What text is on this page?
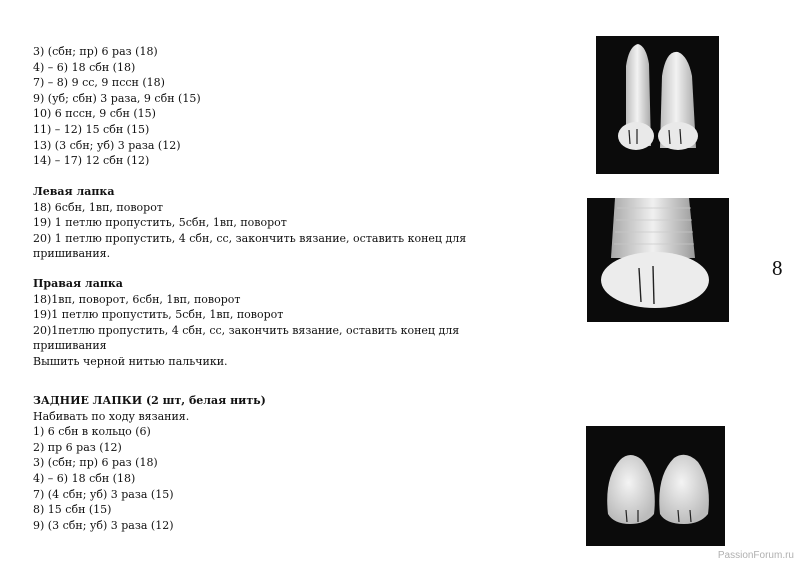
3) (сбн; пр) 6 раз (18)
4) – 6) 18 сбн (18)
7) – 8) 9 сс, 9 пссн (18)
9) (уб; сбн) 3 раза, 9 сбн (15)
10) 6 пссн, 9 сбн (15)
11) – 12) 15 сбн (15)
13) (3 сбн; уб) 3 раза (12)
14) – 17) 12 сбн (12)
Левая лапка
18) 6сбн, 1вп, поворот
19) 1 петлю пропустить, 5сбн, 1вп, поворот
20) 1 петлю пропустить, 4 сбн, сс, закончить вязание, оставить конец для
пришивания.
Правая лапка
18)1вп, поворот, 6сбн, 1вп, поворот
19)1 петлю пропустить, 5сбн, 1вп, поворот
20)1петлю пропустить, 4 сбн, сс, закончить вязание, оставить конец для
пришивания
Вышить черной нитью пальчики.
ЗАДНИЕ ЛАПКИ (2 шт, белая нить)
Набивать по ходу вязания.
1) 6 сбн в кольцо (6)
2) пр 6 раз (12)
3) (сбн; пр) 6 раз (18)
4) – 6) 18 сбн (18)
7) (4 сбн; уб) 3 раза (15)
8) 15 сбн (15)
9) (3 сбн; уб) 3 раза (12)
8
PassionForum.ru
